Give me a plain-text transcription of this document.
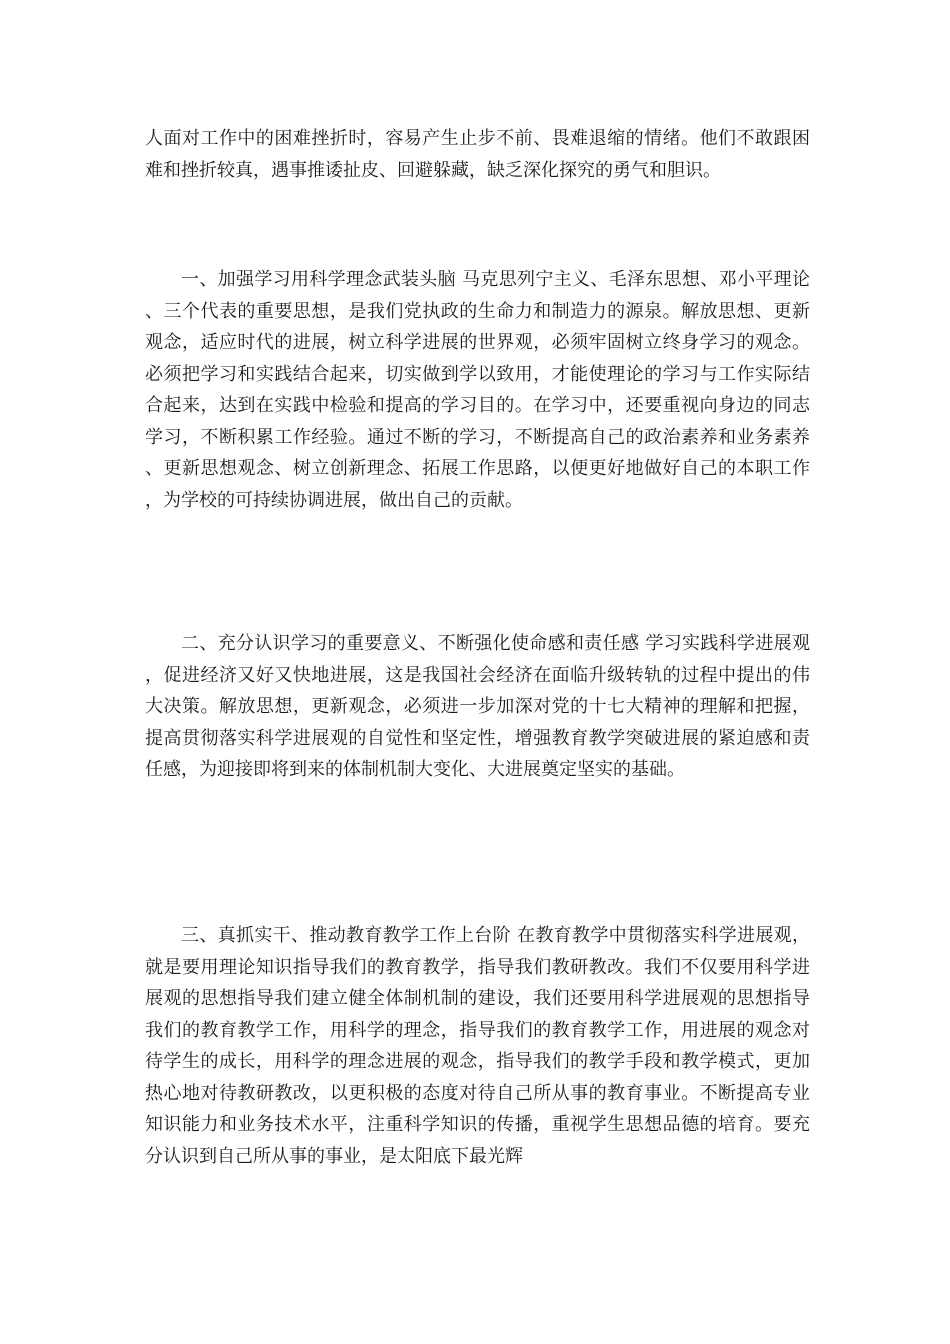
人面对工作中的困难挫折时，容易产生止步不前、畏难退缩的情绪。他们不敢跟困难和挫折较真，遇事推诿扯皮、回避躲藏，缺乏深化探究的勇气和胆识。

一、加强学习用科学理念武装头脑 马克思列宁主义、毛泽东思想、邓小平理论、三个代表的重要思想，是我们党执政的生命力和制造力的源泉。解放思想、更新观念，适应时代的进展，树立科学进展的世界观，必须牢固树立终身学习的观念。必须把学习和实践结合起来，切实做到学以致用，才能使理论的学习与工作实际结合起来，达到在实践中检验和提高的学习目的。在学习中，还要重视向身边的同志学习，不断积累工作经验。通过不断的学习，不断提高自己的政治素养和业务素养、更新思想观念、树立创新理念、拓展工作思路，以便更好地做好自己的本职工作，为学校的可持续协调进展，做出自己的贡献。

二、充分认识学习的重要意义、不断强化使命感和责任感 学习实践科学进展观，促进经济又好又快地进展，这是我国社会经济在面临升级转轨的过程中提出的伟大决策。解放思想，更新观念，必须进一步加深对党的十七大精神的理解和把握，提高贯彻落实科学进展观的自觉性和坚定性，增强教育教学突破进展的紧迫感和责任感，为迎接即将到来的体制机制大变化、大进展奠定坚实的基础。

三、真抓实干、推动教育教学工作上台阶 在教育教学中贯彻落实科学进展观，就是要用理论知识指导我们的教育教学，指导我们教研教改。我们不仅要用科学进展观的思想指导我们建立健全体制机制的建设，我们还要用科学进展观的思想指导我们的教育教学工作，用科学的理念，指导我们的教育教学工作，用进展的观念对待学生的成长，用科学的理念进展的观念，指导我们的教学手段和教学模式，更加热心地对待教研教改，以更积极的态度对待自己所从事的教育事业。不断提高专业知识能力和业务技术水平，注重科学知识的传播，重视学生思想品德的培育。要充分认识到自己所从事的事业，是太阳底下最光辉
